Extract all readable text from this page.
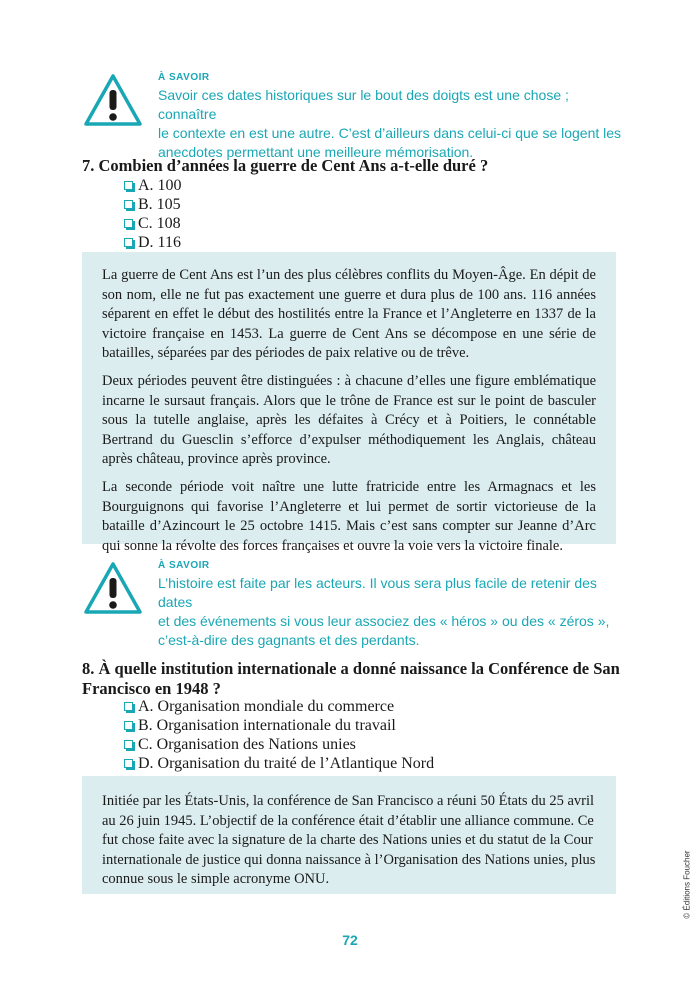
À SAVOIR

Savoir ces dates historiques sur le bout des doigts est une chose ; connaître

le contexte en est une autre. C’est d’ailleurs dans celui-ci que se logent les

anecdotes permettant une meilleure mémorisation.

7. Combien d’années la guerre de Cent Ans a-t-elle duré ?
A. 100
B. 105
C. 108
D. 116

La guerre de Cent Ans est l’un des plus célèbres conflits du Moyen-Âge. En dépit de son nom, elle ne fut pas exactement une guerre et dura plus de 100 ans. 116 années séparent en effet le début des hostilités entre la France et l’Angleterre en 1337 de la victoire française en 1453. La guerre de Cent Ans se décompose en une série de batailles, séparées par des périodes de paix relative ou de trêve.

Deux périodes peuvent être distinguées : à chacune d’elles une figure emblématique incarne le sursaut français. Alors que le trône de France est sur le point de basculer sous la tutelle anglaise, après les défaites à Crécy et à Poitiers, le connétable Bertrand du Guesclin s’efforce d’expulser méthodiquement les Anglais, château après château, province après province.

La seconde période voit naître une lutte fratricide entre les Armagnacs et les Bourguignons qui favorise l’Angleterre et lui permet de sortir victorieuse de la bataille d’Azincourt le 25 octobre 1415. Mais c’est sans compter sur Jeanne d’Arc qui sonne la révolte des forces françaises et ouvre la voie vers la victoire finale.

À SAVOIR

L’histoire est faite par les acteurs. Il vous sera plus facile de retenir des dates

et des événements si vous leur associez des « héros » ou des « zéros »,

c’est-à-dire des gagnants et des perdants.

8. À quelle institution internationale a donné naissance la Conférence de San
Francisco en 1948 ?
A. Organisation mondiale du commerce
B. Organisation internationale du travail
C. Organisation des Nations unies
D. Organisation du traité de l’Atlantique Nord

Initiée par les États-Unis, la conférence de San Francisco a réuni 50 États du 25 avril

au 26 juin 1945. L’objectif de la conférence était d’établir une alliance commune. Ce

fut chose faite avec la signature de la charte des Nations unies et du statut de la Cour

internationale de justice qui donna naissance à l’Organisation des Nations unies, plus

connue sous le simple acronyme ONU.	© Éditions Foucher
72
